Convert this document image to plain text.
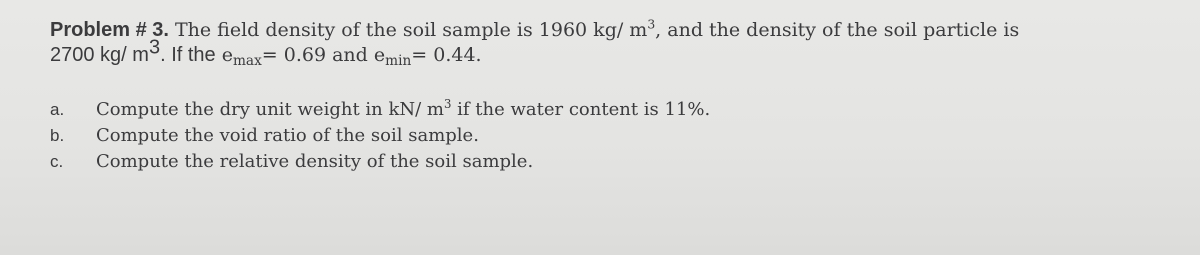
Problem # 3. The field density of the soil sample is 1960 kg/ $m^3$, and the density of the soil particle is
2700 kg/ $m^3$. If the $e_{max}= 0.69$ and $e_{min}= 0.44$.
a.	Compute the dry unit weight in kN/ $m^3$ if the water content is 11%.
b.	Compute the void ratio of the soil sample.
c.	Compute the relative density of the soil sample.
